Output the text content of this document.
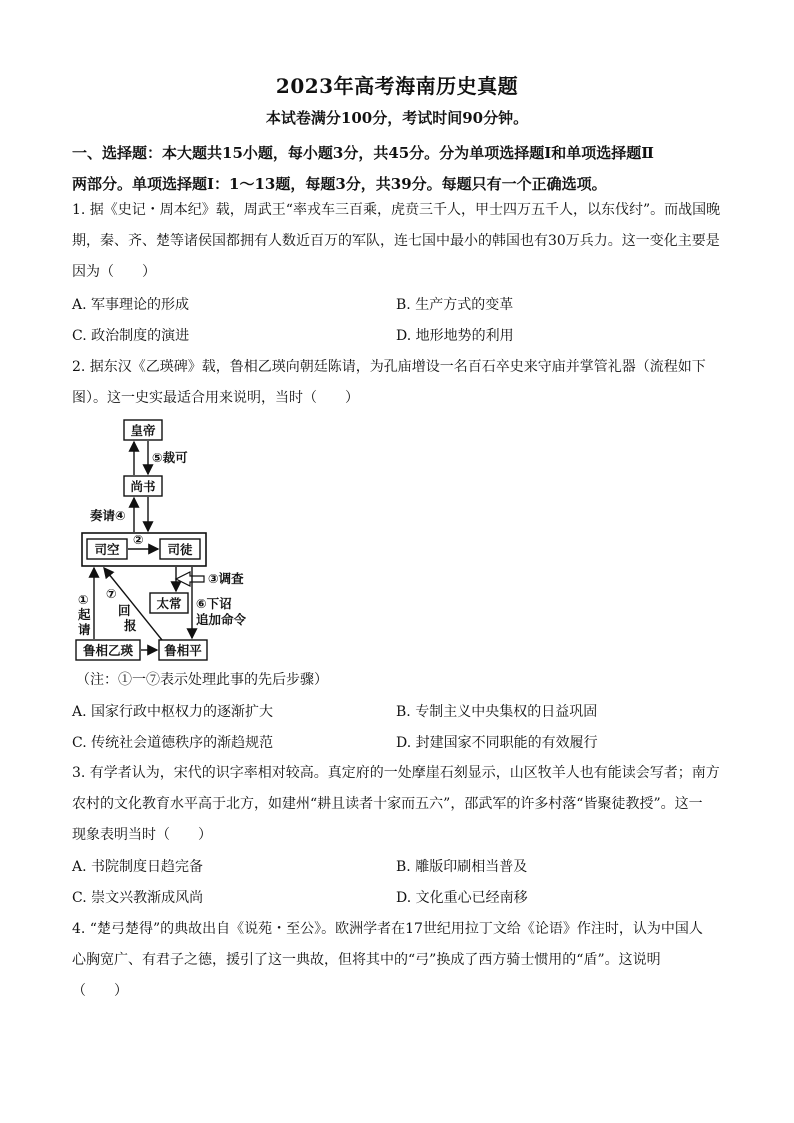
2023年高考海南历史真题
本试卷满分100分，考试时间90分钟。
一、选择题：本大题共15小题，每小题3分，共45分。分为单项选择题Ⅰ和单项选择题Ⅱ
两部分。单项选择题Ⅰ：1～13题，每题3分，共39分。每题只有一个正确选项。
1. 据《史记・周本纪》载，周武王“率戎车三百乘，虎贲三千人，甲士四万五千人，以东伐纣”。而战国晚
期，秦、齐、楚等诸侯国都拥有人数近百万的军队，连七国中最小的韩国也有30万兵力。这一变化主要是
因为（　　）
A. 军事理论的形成	B. 生产方式的变革
C. 政治制度的演进	D. 地形地势的利用
2. 据东汉《乙瑛碑》载，鲁相乙瑛向朝廷陈请，为孔庙增设一名百石卒史来守庙并掌管礼器（流程如下
图）。这一史实最适合用来说明，当时（　　）
皇帝
尚书
司空	司徒
太常
鲁相乙瑛 鲁相平
⑤裁可
奏请④
②
③调查
⑥下诏
追加命令
①
起
请
⑦
回
报
（注：①一⑦表示处理此事的先后步骤）
A. 国家行政中枢权力的逐渐扩大	B. 专制主义中央集权的日益巩固
C. 传统社会道德秩序的渐趋规范	D. 封建国家不同职能的有效履行
3. 有学者认为，宋代的识字率相对较高。真定府的一处摩崖石刻显示，山区牧羊人也有能读会写者；南方
农村的文化教育水平高于北方，如建州“耕且读者十家而五六”，邵武军的许多村落“皆聚徒教授”。这一
现象表明当时（　　）
A. 书院制度日趋完备	B. 雕版印刷相当普及
C. 崇文兴教渐成风尚	D. 文化重心已经南移
4. “楚弓楚得”的典故出自《说苑・至公》。欧洲学者在17世纪用拉丁文给《论语》作注时，认为中国人
心胸宽广、有君子之德，援引了这一典故，但将其中的“弓”换成了西方骑士惯用的“盾”。这说明
（　　）
